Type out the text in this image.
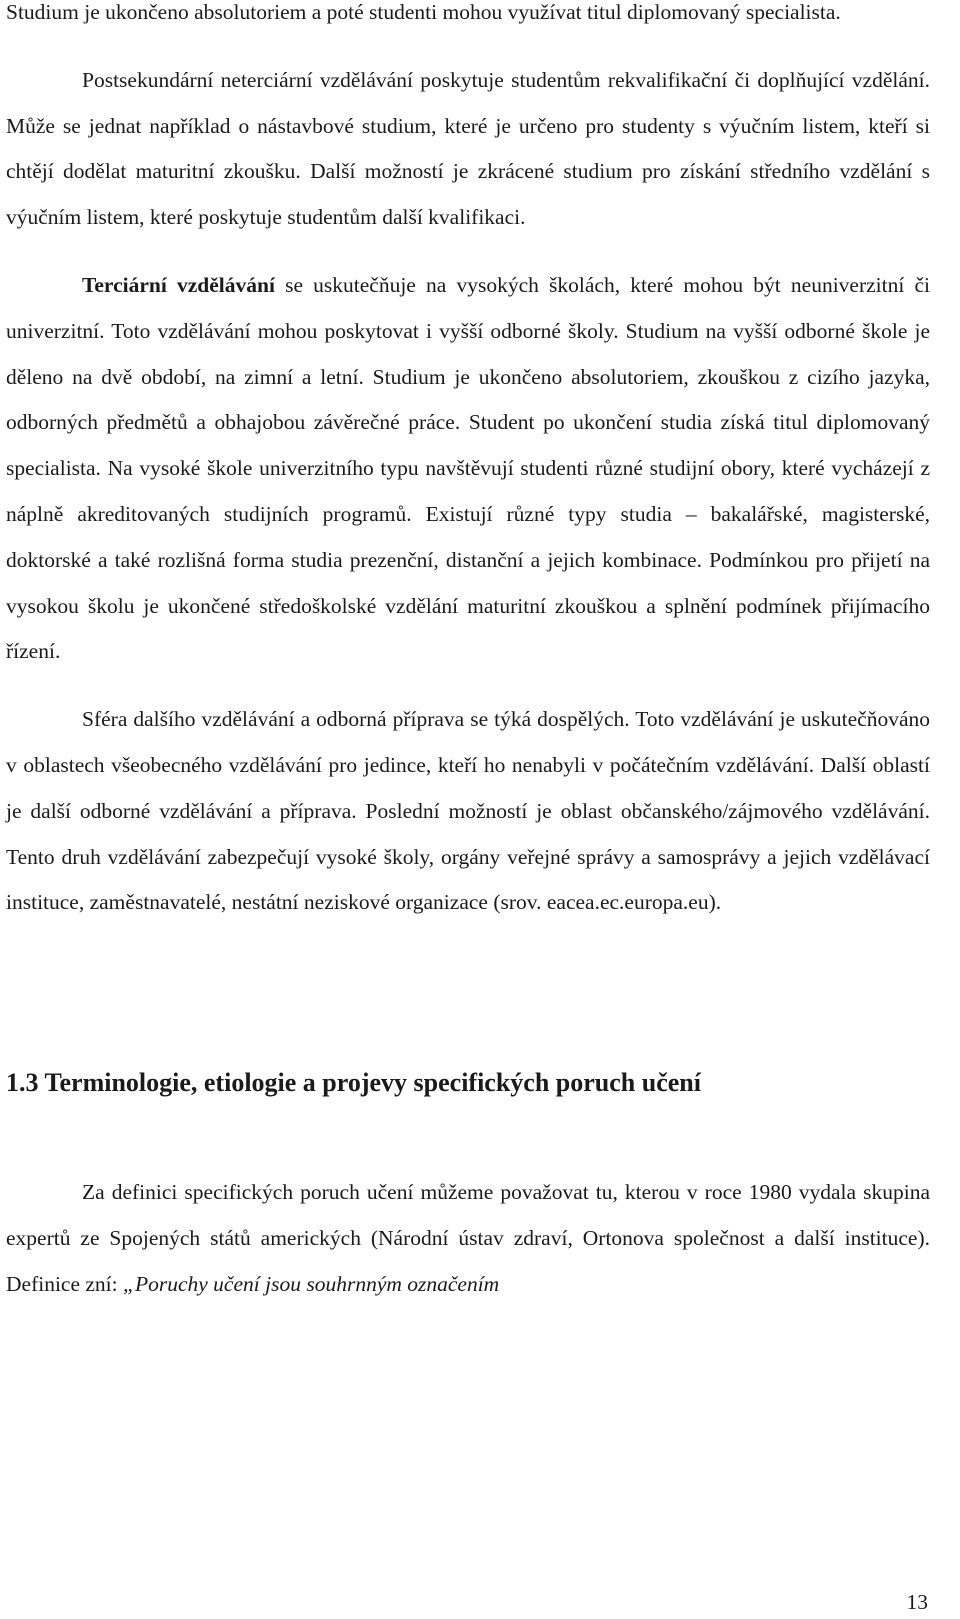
Studium je ukončeno absolutoriem a poté studenti mohou využívat titul diplomovaný specialista.

Postsekundární neterciární vzdělávání poskytuje studentům rekvalifikační či doplňující vzdělání. Může se jednat například o nástavbové studium, které je určeno pro studenty s výučním listem, kteří si chtějí dodělat maturitní zkoušku. Další možností je zkrácené studium pro získání středního vzdělání s výučním listem, které poskytuje studentům další kvalifikaci.

Terciární vzdělávání se uskutečňuje na vysokých školách, které mohou být neuniverzitní či univerzitní. Toto vzdělávání mohou poskytovat i vyšší odborné školy. Studium na vyšší odborné škole je děleno na dvě období, na zimní a letní. Studium je ukončeno absolutoriem, zkouškou z cizího jazyka, odborných předmětů a obhajobou závěrečné práce. Student po ukončení studia získá titul diplomovaný specialista. Na vysoké škole univerzitního typu navštěvují studenti různé studijní obory, které vycházejí z náplně akreditovaných studijních programů. Existují různé typy studia – bakalářské, magisterské, doktorské a také rozlišná forma studia prezenční, distanční a jejich kombinace. Podmínkou pro přijetí na vysokou školu je ukončené středoškolské vzdělání maturitní zkouškou a splnění podmínek přijímacího řízení.

Sféra dalšího vzdělávání a odborná příprava se týká dospělých. Toto vzdělávání je uskutečňováno v oblastech všeobecného vzdělávání pro jedince, kteří ho nenabyli v počátečním vzdělávání. Další oblastí je další odborné vzdělávání a příprava. Poslední možností je oblast občanského/zájmového vzdělávání. Tento druh vzdělávání zabezpečují vysoké školy, orgány veřejné správy a samosprávy a jejich vzdělávací instituce, zaměstnavatelé, nestátní neziskové organizace (srov. eacea.ec.europa.eu).

1.3 Terminologie, etiologie a projevy specifických poruch učení

Za definici specifických poruch učení můžeme považovat tu, kterou v roce 1980 vydala skupina expertů ze Spojených států amerických (Národní ústav zdraví, Ortonova společnost a další instituce). Definice zní: „Poruchy učení jsou souhrnným označením

13
